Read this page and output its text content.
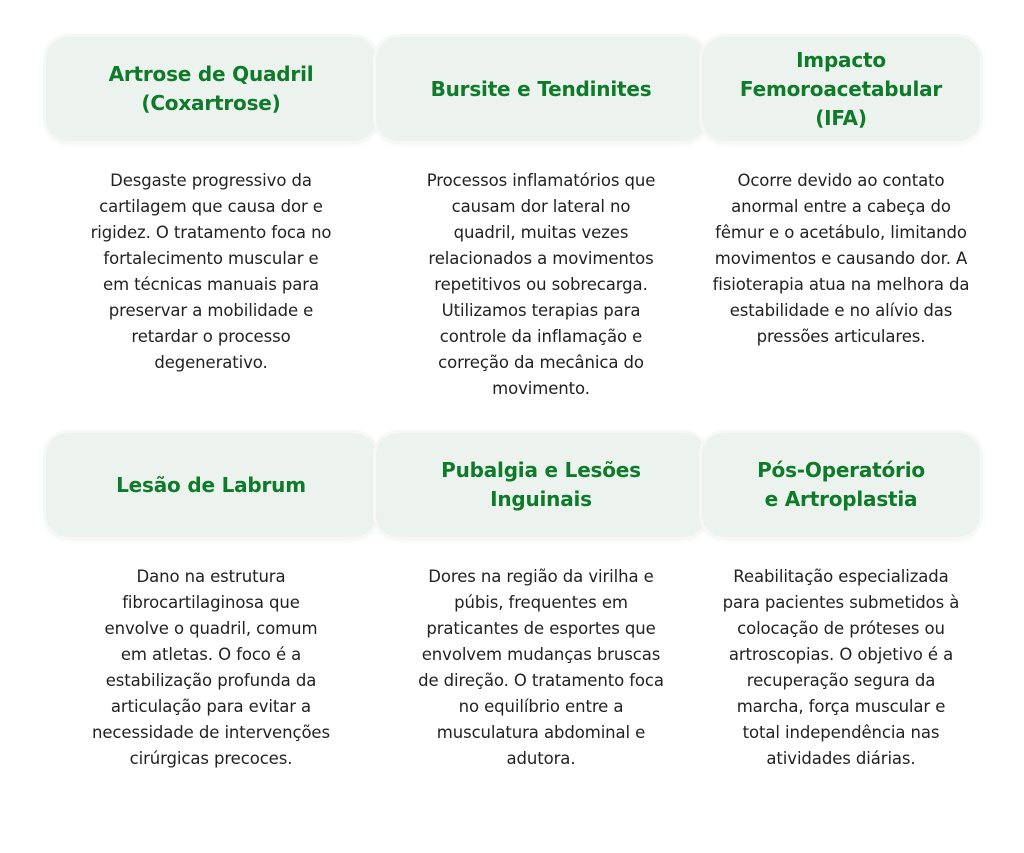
Artrose de Quadril
(Coxartrose)
Desgaste progressivo da
cartilagem que causa dor e
rigidez. O tratamento foca no
fortalecimento muscular e
em técnicas manuais para
preservar a mobilidade e
retardar o processo
degenerativo.
Bursite e Tendinites
Processos inflamatórios que
causam dor lateral no
quadril, muitas vezes
relacionados a movimentos
repetitivos ou sobrecarga.
Utilizamos terapias para
controle da inflamação e
correção da mecânica do
movimento.
Impacto
Femoroacetabular (IFA)
Ocorre devido ao contato
anormal entre a cabeça do
fêmur e o acetábulo, limitando
movimentos e causando dor. A
fisioterapia atua na melhora da
estabilidade e no alívio das
pressões articulares.
Lesão de Labrum
Dano na estrutura
fibrocartilaginosa que
envolve o quadril, comum
em atletas. O foco é a
estabilização profunda da
articulação para evitar a
necessidade de intervenções
cirúrgicas precoces.
Pubalgia e Lesões
Inguinais
Dores na região da virilha e
púbis, frequentes em
praticantes de esportes que
envolvem mudanças bruscas
de direção. O tratamento foca
no equilíbrio entre a
musculatura abdominal e
adutora.
Pós-Operatório
e Artroplastia
Reabilitação especializada
para pacientes submetidos à
colocação de próteses ou
artroscopias. O objetivo é a
recuperação segura da
marcha, força muscular e
total independência nas
atividades diárias.
